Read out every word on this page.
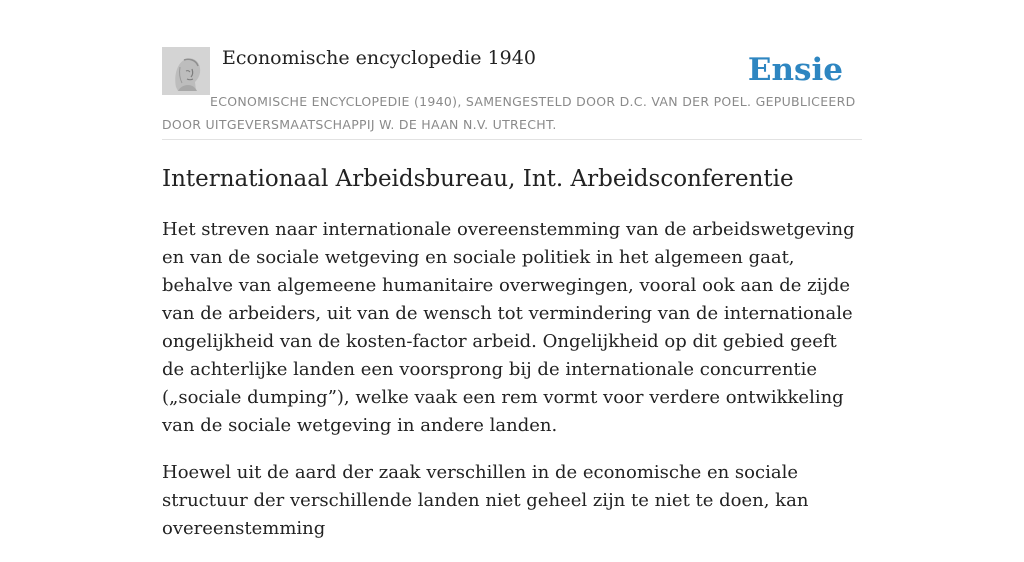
Economische encyclopedie 1940	Ensie
ECONOMISCHE ENCYCLOPEDIE (1940), SAMENGESTELD DOOR D.C. VAN DER POEL. GEPUBLICEERD DOOR UITGEVERSMAATSCHAPPIJ W. DE HAAN N.V. UTRECHT.
Internationaal Arbeidsbureau, Int. Arbeidsconferentie

Het streven naar internationale overeenstemming van de arbeidswetgeving en van de sociale wetgeving en sociale politiek in het algemeen gaat, behalve van algemeene humanitaire overwegingen, vooral ook aan de zijde van de arbeiders, uit van de wensch tot vermindering van de internationale ongelijkheid van de kosten-factor arbeid. Ongelijkheid op dit gebied geeft de achterlijke landen een voorsprong bij de internationale concurrentie („sociale dumping”), welke vaak een rem vormt voor verdere ontwikkeling van de sociale wetgeving in andere landen.

Hoewel uit de aard der zaak verschillen in de economische en sociale structuur der verschillende landen niet geheel zijn te niet te doen, kan overeenstemming
